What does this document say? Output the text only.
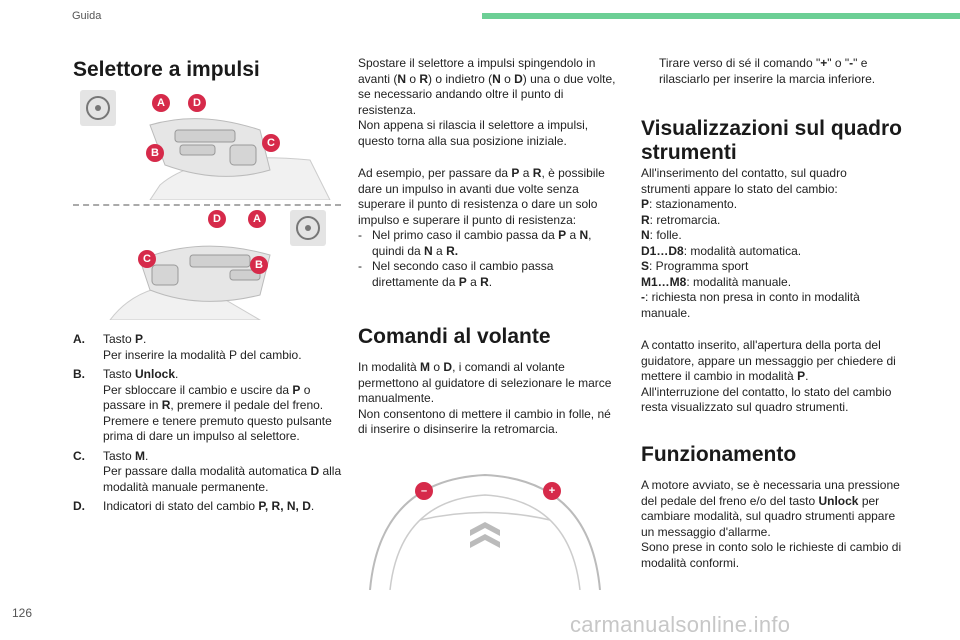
Guida
Selettore a impulsi
A	D
C
B
D	A
C	B
A.	Tasto P.
Per inserire la modalità P del cambio.
B.	Tasto Unlock.
Per sbloccare il cambio e uscire da P o passare in R, premere il pedale del freno.
Premere e tenere premuto questo pulsante prima di dare un impulso al selettore.
C.	Tasto M.
Per passare dalla modalità automatica D alla modalità manuale permanente.
D.	Indicatori di stato del cambio P, R, N, D.
Spostare il selettore a impulsi spingendolo in avanti (N o R) o indietro (N o D) una o due volte, se necessario andando oltre il punto di resistenza.
Non appena si rilascia il selettore a impulsi, questo torna alla sua posizione iniziale.
Ad esempio, per passare da P a R, è possibile dare un impulso in avanti due volte senza superare il punto di resistenza o dare un solo impulso e superare il punto di resistenza:
- Nel primo caso il cambio passa da P a N, quindi da N a R.
- Nel secondo caso il cambio passa direttamente da P a R.
Comandi al volante
In modalità M o D, i comandi al volante permettono al guidatore di selezionare le marce manualmente.
Non consentono di mettere il cambio in folle, né di inserire o disinserire la retromarcia.
–	+
Tirare verso di sé il comando "+" o "-" e rilasciarlo per inserire la marcia inferiore.
Visualizzazioni sul quadro strumenti
All'inserimento del contatto, sul quadro strumenti appare lo stato del cambio:
P: stazionamento.
R: retromarcia.
N: folle.
D1…D8: modalità automatica.
S: Programma sport
M1…M8: modalità manuale.
-: richiesta non presa in conto in modalità manuale.
A contatto inserito, all'apertura della porta del guidatore, appare un messaggio per chiedere di mettere il cambio in modalità P.
All'interruzione del contatto, lo stato del cambio resta visualizzato sul quadro strumenti.
Funzionamento
A motore avviato, se è necessaria una pressione del pedale del freno e/o del tasto Unlock per cambiare modalità, sul quadro strumenti appare un messaggio d'allarme.
Sono prese in conto solo le richieste di cambio di modalità conformi.
126	carmanualsonline.info
